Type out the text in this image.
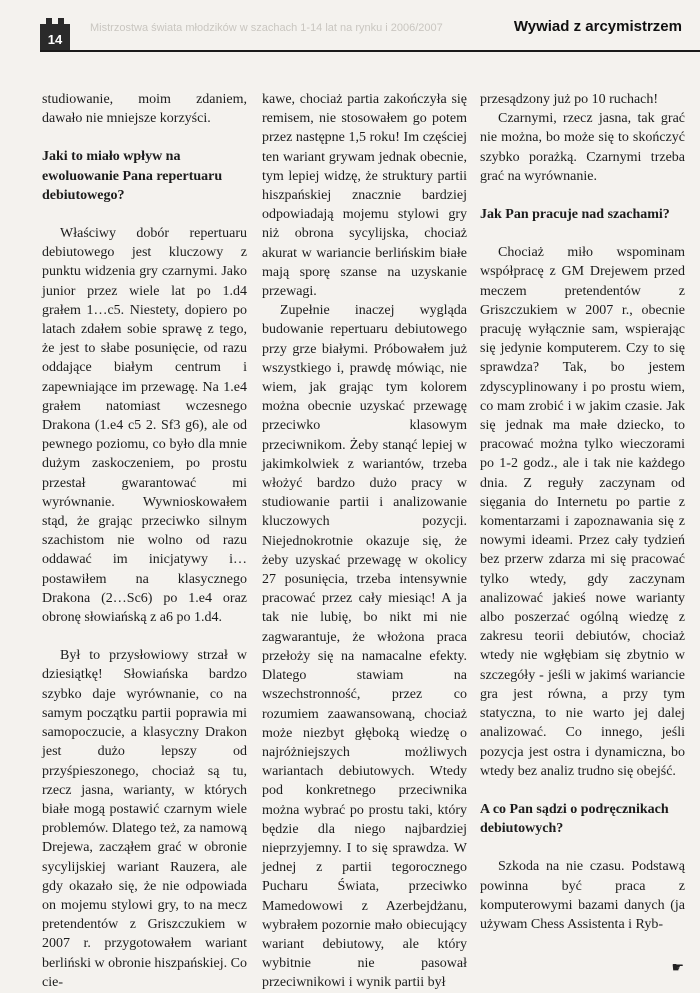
14
Mistrzostwa świata młodzików w szachach 1-14 lat na rynku i 2006/2007	Wywiad z arcymistrzem

studiowanie, moim zdaniem, dawało nie mniejsze korzyści.

Jaki to miało wpływ na ewoluowanie Pana repertuaru debiutowego?

Właściwy dobór repertuaru debiutowego jest kluczowy z punktu widzenia gry czarnymi. Jako junior przez wiele lat po 1.d4 grałem 1…c5. Niestety, dopiero po latach zdałem sobie sprawę z tego, że jest to słabe posunięcie, od razu oddające białym centrum i zapewniające im przewagę. Na 1.e4 grałem natomiast wczesnego Drakona (1.e4 c5 2. Sf3 g6), ale od pewnego poziomu, co było dla mnie dużym zaskoczeniem, po prostu przestał gwarantować mi wyrównanie. Wywnioskowałem stąd, że grając przeciwko silnym szachistom nie wolno od razu oddawać im inicjatywy i… postawiłem na klasycznego Drakona (2…Sc6) po 1.e4 oraz obronę słowiańską z a6 po 1.d4.

Był to przysłowiowy strzał w dziesiątkę! Słowiańska bardzo szybko daje wyrównanie, co na samym początku partii poprawia mi samopoczucie, a klasyczny Drakon jest dużo lepszy od przyśpieszonego, chociaż są tu, rzecz jasna, warianty, w których białe mogą postawić czarnym wiele problemów. Dlatego też, za namową Drejewa, zacząłem grać w obronie sycylijskiej wariant Rauzera, ale gdy okazało się, że nie odpowiada on mojemu stylowi gry, to na mecz pretendentów z Griszczukiem w 2007 r. przygotowałem wariant berliński w obronie hiszpańskiej. Co cie-

kawe, chociaż partia zakończyła się remisem, nie stosowałem go potem przez następne 1,5 roku! Im częściej ten wariant grywam jednak obecnie, tym lepiej widzę, że struktury partii hiszpańskiej znacznie bardziej odpowiadają mojemu stylowi gry niż obrona sycylijska, chociaż akurat w wariancie berlińskim białe mają sporę szanse na uzyskanie przewagi.

Zupełnie inaczej wygląda budowanie repertuaru debiutowego przy grze białymi. Próbowałem już wszystkiego i, prawdę mówiąc, nie wiem, jak grając tym kolorem można obecnie uzyskać przewagę przeciwko klasowym przeciwnikom. Żeby stanąć lepiej w jakimkolwiek z wariantów, trzeba włożyć bardzo dużo pracy w studiowanie partii i analizowanie kluczowych pozycji. Niejednokrotnie okazuje się, że żeby uzyskać przewagę w okolicy 27 posunięcia, trzeba intensywnie pracować przez cały miesiąc! A ja tak nie lubię, bo nikt mi nie zagwarantuje, że włożona praca przełoży się na namacalne efekty. Dlatego stawiam na wszechstronność, przez co rozumiem zaawansowaną, chociaż może niezbyt głęboką wiedzę o najróżniejszych możliwych wariantach debiutowych. Wtedy pod konkretnego przeciwnika można wybrać po prostu taki, który będzie dla niego najbardziej nieprzyjemny. I to się sprawdza. W jednej z partii tegorocznego Pucharu Świata, przeciwko Mamedowowi z Azerbejdżanu, wybrałem pozornie mało obiecujący wariant debiutowy, ale który wybitnie nie pasował przeciwnikowi i wynik partii był

przesądzony już po 10 ruchach!

Czarnymi, rzecz jasna, tak grać nie można, bo może się to skończyć szybko porażką. Czarnymi trzeba grać na wyrównanie.

Jak Pan pracuje nad szachami?

Chociaż miło wspominam współpracę z GM Drejewem przed meczem pretendentów z Griszczukiem w 2007 r., obecnie pracuję wyłącznie sam, wspierając się jedynie komputerem. Czy to się sprawdza? Tak, bo jestem zdyscyplinowany i po prostu wiem, co mam zrobić i w jakim czasie. Jak się jednak ma małe dziecko, to pracować można tylko wieczorami po 1-2 godz., ale i tak nie każdego dnia. Z reguły zaczynam od sięgania do Internetu po partie z komentarzami i zapoznawania się z nowymi ideami. Przez cały tydzień bez przerw zdarza mi się pracować tylko wtedy, gdy zaczynam analizować jakieś nowe warianty albo poszerzać ogólną wiedzę z zakresu teorii debiutów, chociaż wtedy nie wgłębiam się zbytnio w szczegóły - jeśli w jakimś wariancie gra jest równa, a przy tym statyczna, to nie warto jej dalej analizować. Co innego, jeśli pozycja jest ostra i dynamiczna, bo wtedy bez analiz trudno się obejść.

A co Pan sądzi o podręcznikach debiutowych?

Szkoda na nie czasu. Podstawą powinna być praca z komputerowymi bazami danych (ja używam Chess Assistenta i Ryb-

☛
